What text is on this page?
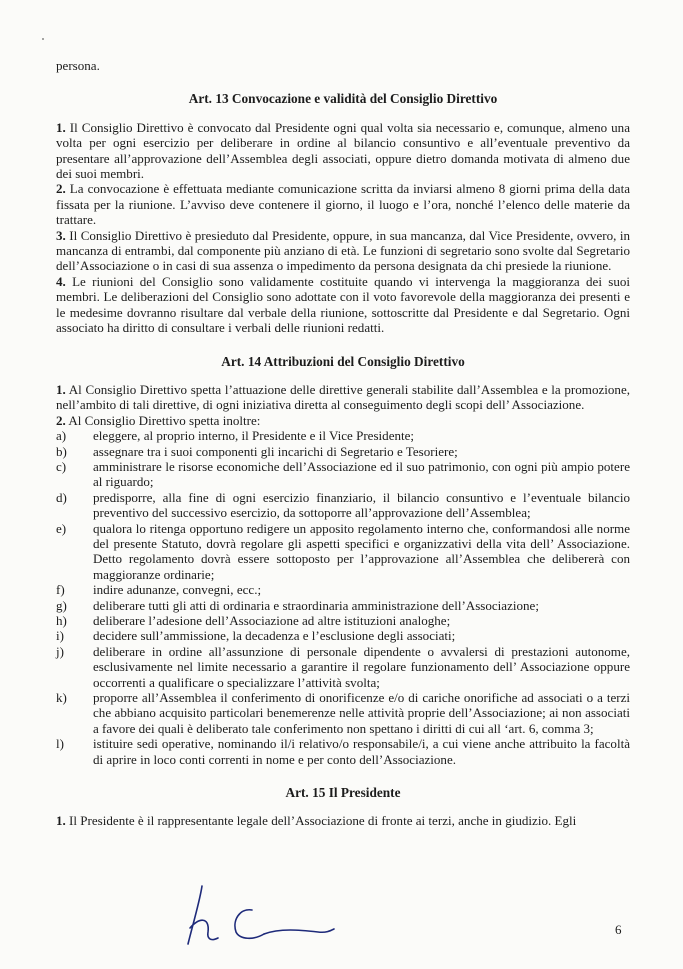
persona.

Art. 13 Convocazione e validità del Consiglio Direttivo

1. Il Consiglio Direttivo è convocato dal Presidente ogni qual volta sia necessario e, comunque, almeno una volta per ogni esercizio per deliberare in ordine al bilancio consuntivo e all’eventuale preventivo da presentare all’approvazione dell’Assemblea degli associati, oppure dietro domanda motivata di almeno due dei suoi membri.

2. La convocazione è effettuata mediante comunicazione scritta da inviarsi almeno 8 giorni prima della data fissata per la riunione. L’avviso deve contenere il giorno, il luogo e l’ora, nonché l’elenco delle materie da trattare.

3. Il Consiglio Direttivo è presieduto dal Presidente, oppure, in sua mancanza, dal Vice Presidente, ovvero, in mancanza di entrambi, dal componente più anziano di età. Le funzioni di segretario sono svolte dal Segretario dell’Associazione o in casi di sua assenza o impedimento da persona designata da chi presiede la riunione.

4. Le riunioni del Consiglio sono validamente costituite quando vi intervenga la maggioranza dei suoi membri. Le deliberazioni del Consiglio sono adottate con il voto favorevole della maggioranza dei presenti e le medesime dovranno risultare dal verbale della riunione, sottoscritte dal Presidente e dal Segretario. Ogni associato ha diritto di consultare i verbali delle riunioni redatti.

Art. 14 Attribuzioni del Consiglio Direttivo

1. Al Consiglio Direttivo spetta l’attuazione delle direttive generali stabilite dall’Assemblea e la promozione, nell’ambito di tali direttive, di ogni iniziativa diretta al conseguimento degli scopi dell’ Associazione.

2. Al Consiglio Direttivo spetta inoltre:

a)	eleggere, al proprio interno, il Presidente e il Vice Presidente;
b)	assegnare tra i suoi componenti gli incarichi di Segretario e Tesoriere;
c)	amministrare le risorse economiche dell’Associazione ed il suo patrimonio, con ogni più ampio potere al riguardo;
d)	predisporre, alla fine di ogni esercizio finanziario, il bilancio consuntivo e l’eventuale bilancio preventivo del successivo esercizio, da sottoporre all’approvazione dell’Assemblea;
e)	qualora lo ritenga opportuno redigere un apposito regolamento interno che, conformandosi alle norme del presente Statuto, dovrà regolare gli aspetti specifici e organizzativi della vita dell’ Associazione. Detto regolamento dovrà essere sottoposto per l’approvazione all’Assemblea che delibererà con maggioranze ordinarie;
f)	indire adunanze, convegni, ecc.;
g)	deliberare tutti gli atti di ordinaria e straordinaria amministrazione dell’Associazione;
h)	deliberare l’adesione dell’Associazione ad altre istituzioni analoghe;
i)	decidere sull’ammissione, la decadenza e l’esclusione degli associati;
j)	deliberare in ordine all’assunzione di personale dipendente o avvalersi di prestazioni autonome, esclusivamente nel limite necessario a garantire il regolare funzionamento dell’ Associazione oppure occorrenti a qualificare o specializzare l’attività svolta;
k)	proporre all’Assemblea il conferimento di onorificenze e/o di cariche onorifiche ad associati o a terzi che abbiano acquisito particolari benemerenze nelle attività proprie dell’Associazione; ai non associati a favore dei quali è deliberato tale conferimento non spettano i diritti di cui all ‘art. 6, comma 3;
l)	istituire sedi operative, nominando il/i relativo/o responsabile/i, a cui viene anche attribuito la facoltà di aprire in loco conti correnti in nome e per conto dell’Associazione.
Art. 15 Il Presidente

1. Il Presidente è il rappresentante legale dell’Associazione di fronte ai terzi, anche in giudizio. Egli

6
